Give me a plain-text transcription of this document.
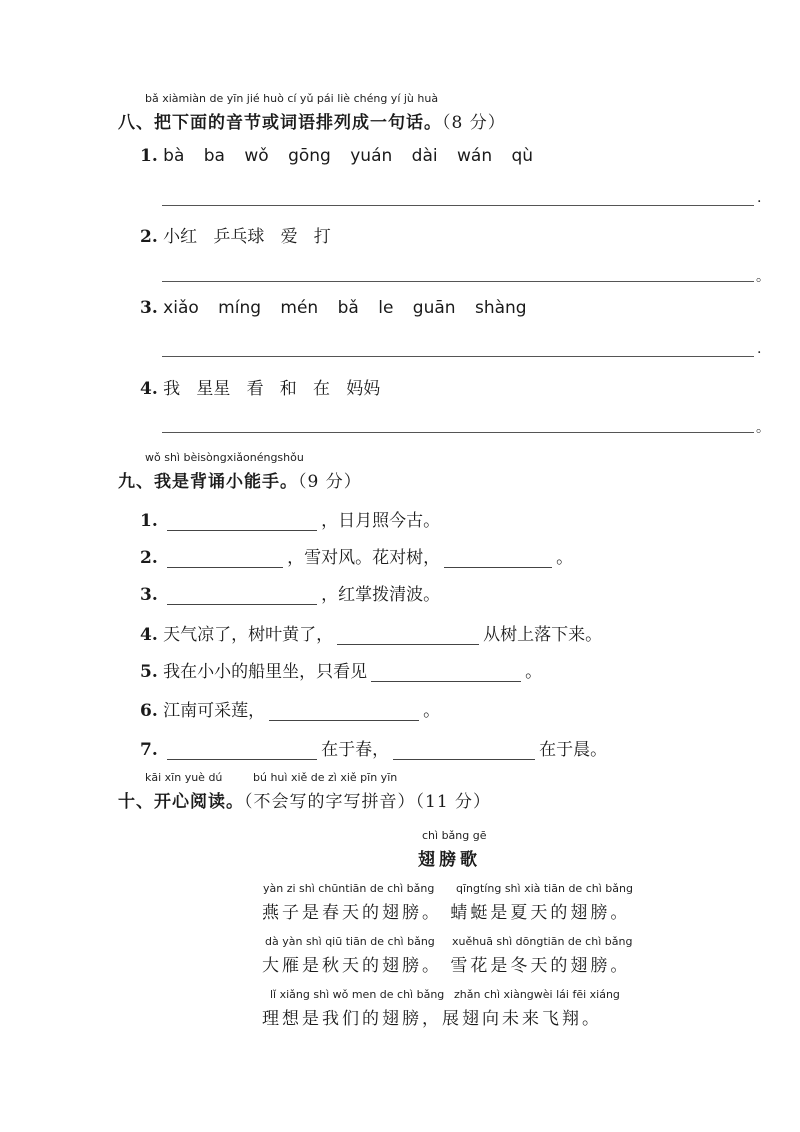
bǎ xiàmiàn de yīn jié huò cí yǔ pái liè chéng yí jù huà
八、把下面的音节或词语排列成一句话。（8 分）
1. bà ba wǒ gōng yuán dài wán qù
.
2. 小红   乒乓球   爱   打
。
3. xiǎo míng mén bǎ le guān shàng
.
4. 我   星星   看   和   在   妈妈
。
wǒ shì bèisòngxiǎonéngshǒu
九、我是背诵小能手。（9 分）
1.	，日月照今古。
2.	，雪对风。花对树，	。
3.	，红掌拨清波。
4. 天气凉了，树叶黄了，	从树上落下来。
5. 我在小小的船里坐，只看见	。
6. 江南可采莲，	。
7.	在于春，	在于晨。
kāi xīn yuè dú	bú huì xiě de zì xiě pīn yīn
十、开心阅读。（不会写的字写拼音）（11 分）
chì bǎng gē
翅膀歌
yàn zi shì chūntiān de chì bǎng qīngtíng shì xià tiān de chì bǎng
燕子是春天的翅膀。 蜻蜓是夏天的翅膀。
dà yàn shì qiū tiān de chì bǎng xuěhuā shì dōngtiān de chì bǎng
大雁是秋天的翅膀。 雪花是冬天的翅膀。
lǐ xiǎng shì wǒ men de chì bǎng zhǎn chì xiàngwèi lái fēi xiáng
理想是我们的翅膀，展翅向未来飞翔。
